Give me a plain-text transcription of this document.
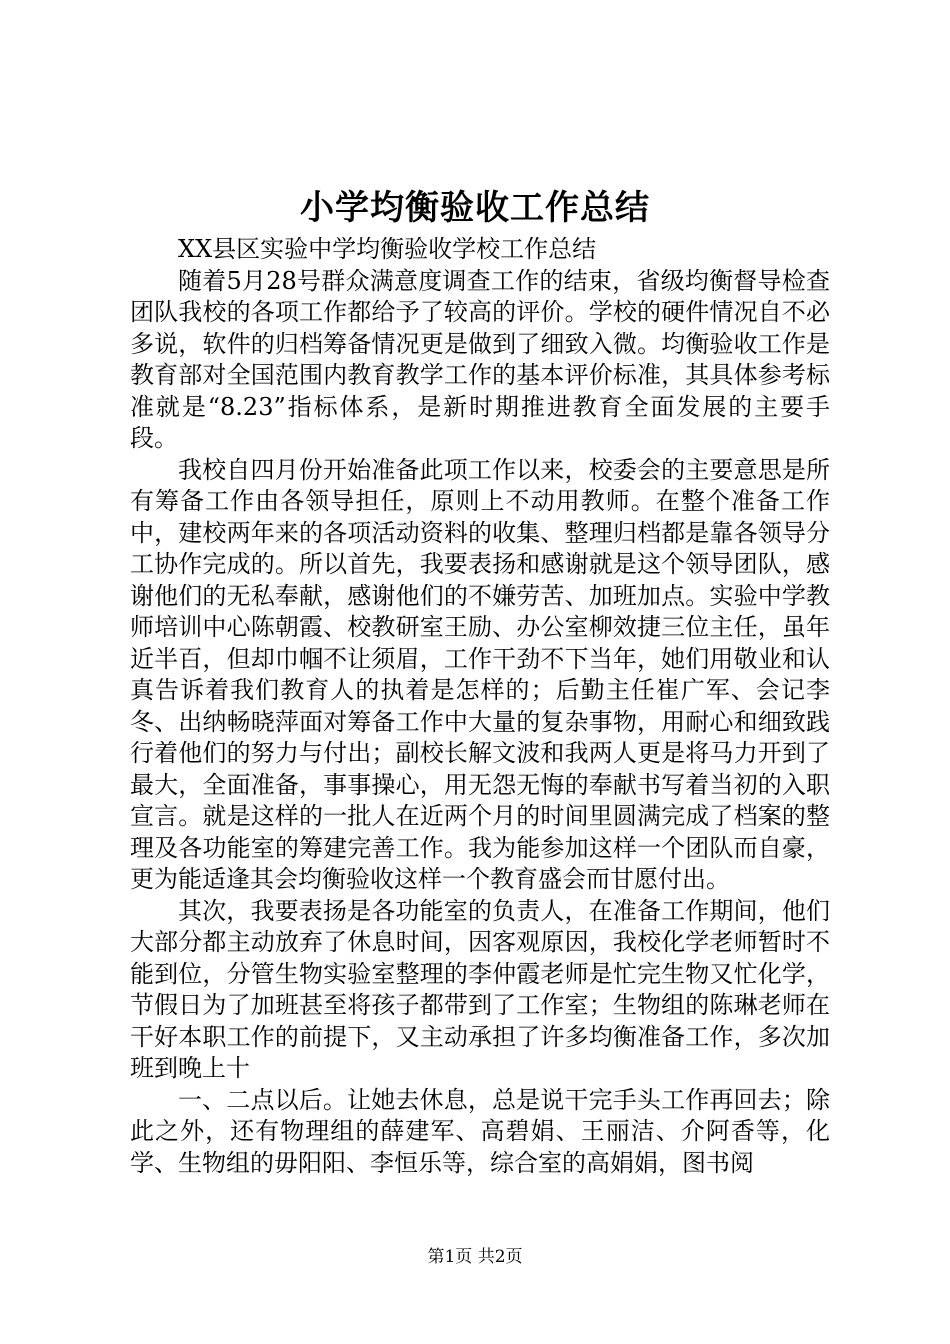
小学均衡验收工作总结

XX县区实验中学均衡验收学校工作总结

随着5月28号群众满意度调查工作的结束，省级均衡督导检查团队我校的各项工作都给予了较高的评价。学校的硬件情况自不必多说，软件的归档筹备情况更是做到了细致入微。均衡验收工作是教育部对全国范围内教育教学工作的基本评价标准，其具体参考标准就是“8.23”指标体系，是新时期推进教育全面发展的主要手段。

我校自四月份开始准备此项工作以来，校委会的主要意思是所有筹备工作由各领导担任，原则上不动用教师。在整个准备工作中，建校两年来的各项活动资料的收集、整理归档都是靠各领导分工协作完成的。所以首先，我要表扬和感谢就是这个领导团队，感谢他们的无私奉献，感谢他们的不嫌劳苦、加班加点。实验中学教师培训中心陈朝霞、校教研室王励、办公室柳效捷三位主任，虽年近半百，但却巾帼不让须眉，工作干劲不下当年，她们用敬业和认真告诉着我们教育人的执着是怎样的；后勤主任崔广军、会记李冬、出纳畅晓萍面对筹备工作中大量的复杂事物，用耐心和细致践行着他们的努力与付出；副校长解文波和我两人更是将马力开到了最大，全面准备，事事操心，用无怨无悔的奉献书写着当初的入职宣言。就是这样的一批人在近两个月的时间里圆满完成了档案的整理及各功能室的筹建完善工作。我为能参加这样一个团队而自豪，更为能适逢其会均衡验收这样一个教育盛会而甘愿付出。

其次，我要表扬是各功能室的负责人，在准备工作期间，他们大部分都主动放弃了休息时间，因客观原因，我校化学老师暂时不能到位，分管生物实验室整理的李仲霞老师是忙完生物又忙化学，节假日为了加班甚至将孩子都带到了工作室；生物组的陈琳老师在干好本职工作的前提下，又主动承担了许多均衡准备工作，多次加班到晚上十

一、二点以后。让她去休息，总是说干完手头工作再回去；除此之外，还有物理组的薛建军、高碧娟、王丽洁、介阿香等，化学、生物组的毋阳阳、李恒乐等，综合室的高娟娟，图书阅

第1页 共2页
